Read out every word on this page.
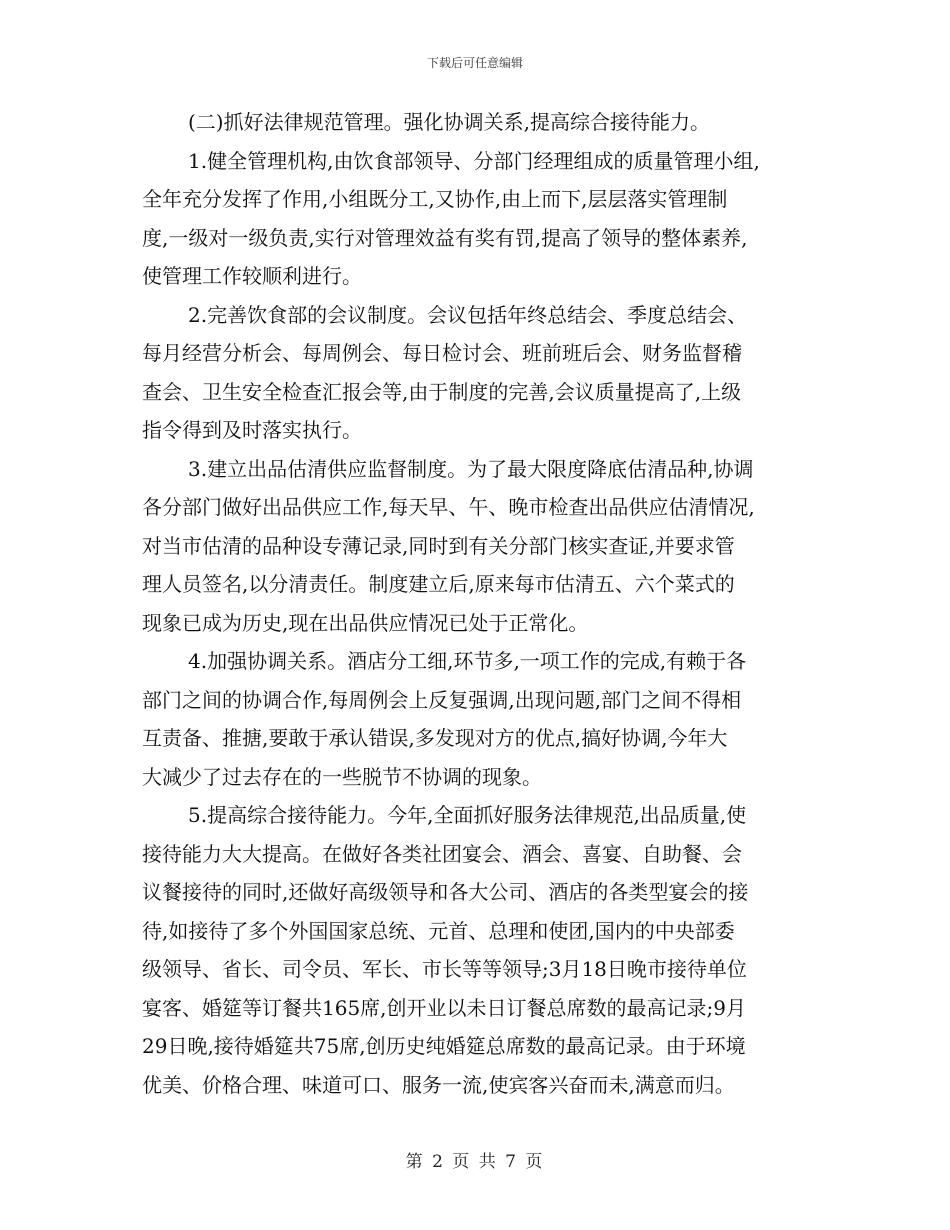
下载后可任意编辑
(二)抓好法律规范管理。强化协调关系,提高综合接待能力。
1.健全管理机构,由饮食部领导、分部门经理组成的质量管理小组,
全年充分发挥了作用,小组既分工,又协作,由上而下,层层落实管理制
度,一级对一级负责,实行对管理效益有奖有罚,提高了领导的整体素养,
使管理工作较顺利进行。
2.完善饮食部的会议制度。会议包括年终总结会、季度总结会、
每月经营分析会、每周例会、每日检讨会、班前班后会、财务监督稽
查会、卫生安全检查汇报会等,由于制度的完善,会议质量提高了,上级
指令得到及时落实执行。
3.建立出品估清供应监督制度。为了最大限度降底估清品种,协调
各分部门做好出品供应工作,每天早、午、晚市检查出品供应估清情况,
对当市估清的品种设专薄记录,同时到有关分部门核实查证,并要求管
理人员签名,以分清责任。制度建立后,原来每市估清五、六个菜式的
现象已成为历史,现在出品供应情况已处于正常化。
4.加强协调关系。酒店分工细,环节多,一项工作的完成,有赖于各
部门之间的协调合作,每周例会上反复强调,出现问题,部门之间不得相
互责备、推搪,要敢于承认错误,多发现对方的优点,搞好协调,今年大
大减少了过去存在的一些脱节不协调的现象。
5.提高综合接待能力。今年,全面抓好服务法律规范,出品质量,使
接待能力大大提高。在做好各类社团宴会、酒会、喜宴、自助餐、会
议餐接待的同时,还做好高级领导和各大公司、酒店的各类型宴会的接
待,如接待了多个外国国家总统、元首、总理和使团,国内的中央部委
级领导、省长、司令员、军长、市长等等领导;3月18日晚市接待单位
宴客、婚筵等订餐共165席,创开业以未日订餐总席数的最高记录;9月
29日晚,接待婚筵共75席,创历史纯婚筵总席数的最高记录。由于环境
优美、价格合理、味道可口、服务一流,使宾客兴奋而未,满意而归。
第 2 页 共 7 页
